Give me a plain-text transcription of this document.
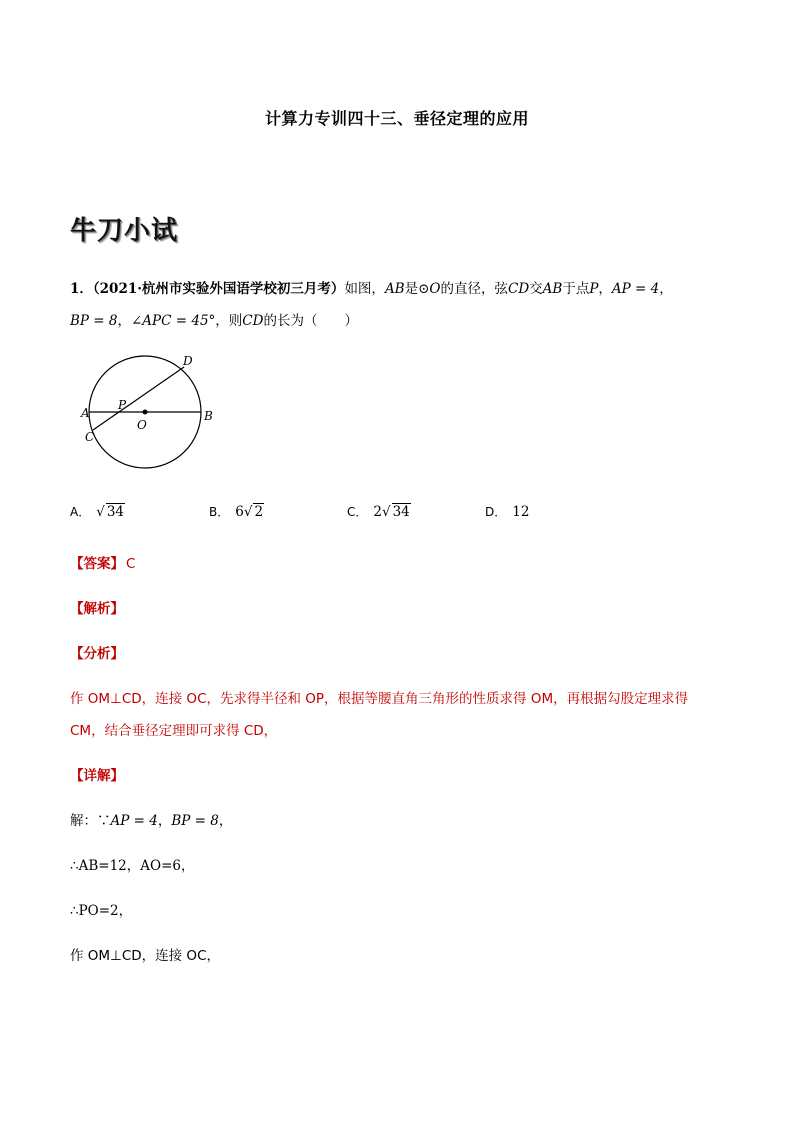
计算力专训四十三、垂径定理的应用
牛刀小试
1．（2021·杭州市实验外国语学校初三月考）如图，AB是⊙O的直径，弦CD交AB于点P，AP = 4，
BP = 8，∠APC = 45°，则CD的长为（　　）
A	B
C
D
O
P
A． √ 34	B． 6√ 2	C． 2√ 34	D． 12
【答案】 C
【解析】
【分析】
作 OM⊥CD，连接 OC，先求得半径和 OP，根据等腰直角三角形的性质求得 OM，再根据勾股定理求得
CM，结合垂径定理即可求得 CD，
【详解】
解：∵AP = 4，BP = 8，
∴AB=12，AO=6，
∴PO=2，
作 OM⊥CD，连接 OC，
